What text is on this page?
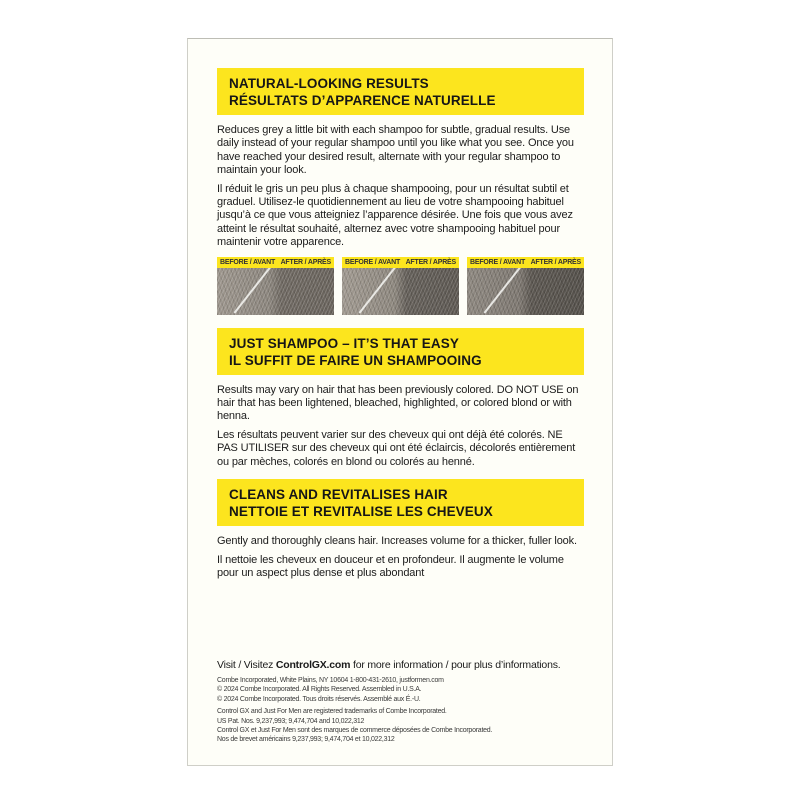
NATURAL-LOOKING RESULTS
RÉSULTATS D’APPARENCE NATURELLE
Reduces grey a little bit with each shampoo for subtle, gradual results. Use daily instead of your regular shampoo until you like what you see. Once you have reached your desired result, alternate with your regular shampoo to maintain your look.
Il réduit le gris un peu plus à chaque shampooing, pour un résultat subtil et graduel. Utilisez-le quotidiennement au lieu de votre shampooing habituel jusqu’à ce que vous atteigniez l’apparence désirée. Une fois que vous avez atteint le résultat souhaité, alternez avec votre shampooing habituel pour maintenir votre apparence.
BEFORE / AVANT AFTER / APRÈS BEFORE / AVANT AFTER / APRÈS BEFORE / AVANT AFTER / APRÈS
JUST SHAMPOO – IT’S THAT EASY
IL SUFFIT DE FAIRE UN SHAMPOOING
Results may vary on hair that has been previously colored. DO NOT USE on hair that has been lightened, bleached, highlighted, or colored blond or with henna.
Les résultats peuvent varier sur des cheveux qui ont déjà été colorés. NE PAS UTILISER sur des cheveux qui ont été éclaircis, décolorés entièrement ou par mèches, colorés en blond ou colorés au henné.
CLEANS AND REVITALISES HAIR
NETTOIE ET REVITALISE LES CHEVEUX
Gently and thoroughly cleans hair. Increases volume for a thicker, fuller look.
Il nettoie les cheveux en douceur et en profondeur. Il augmente le volume pour un aspect plus dense et plus abondant
Visit / Visitez ControlGX.com for more information / pour plus d’informations.
Combe Incorporated, White Plains, NY 10604 1-800-431-2610, justformen.com
© 2024 Combe Incorporated. All Rights Reserved. Assembled in U.S.A.
© 2024 Combe Incorporated. Tous droits réservés. Assemblé aux É.-U.
Control GX and Just For Men are registered trademarks of Combe Incorporated.
US Pat. Nos. 9,237,993; 9,474,704 and 10,022,312
Control GX et Just For Men sont des marques de commerce déposées de Combe Incorporated.
Nos de brevet américains 9,237,993; 9,474,704 et 10,022,312
